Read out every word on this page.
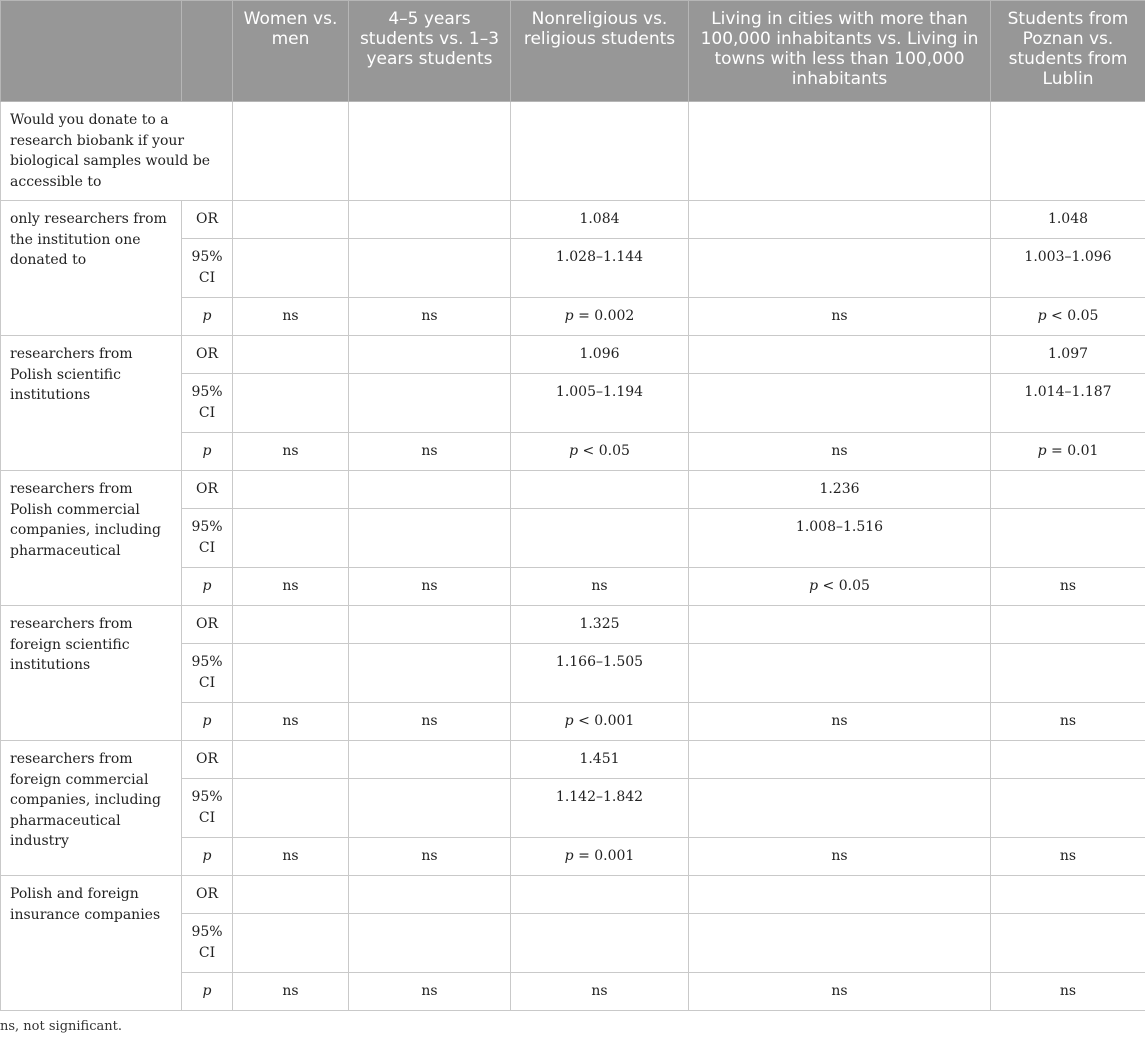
		Women vs. men	4–5 years students vs. 1–3 years students	Nonreligious vs. religious students	Living in cities with more than 100,000 inhabitants vs. Living in towns with less than 100,000 inhabitants	Students from Poznan vs. students from Lublin
Would you donate to a research biobank if your biological samples would be accessible to						
only researchers from the institution one donated to	OR			1.084		1.048
	95% CI			1.028–1.144		1.003–1.096
	p	ns	ns	p = 0.002	ns	p < 0.05
researchers from Polish scientific institutions	OR			1.096		1.097
	95% CI			1.005–1.194		1.014–1.187
	p	ns	ns	p < 0.05	ns	p = 0.01
researchers from Polish commercial companies, including pharmaceutical	OR				1.236	
	95% CI				1.008–1.516	
	p	ns	ns	ns	p < 0.05	ns
researchers from foreign scientific institutions	OR			1.325		
	95% CI			1.166–1.505		
	p	ns	ns	p < 0.001	ns	ns
researchers from foreign commercial companies, including pharmaceutical industry	OR			1.451		
	95% CI			1.142–1.842		
	p	ns	ns	p = 0.001	ns	ns
Polish and foreign insurance companies	OR					
	95% CI					
	p	ns	ns	ns	ns	ns
ns, not significant.
